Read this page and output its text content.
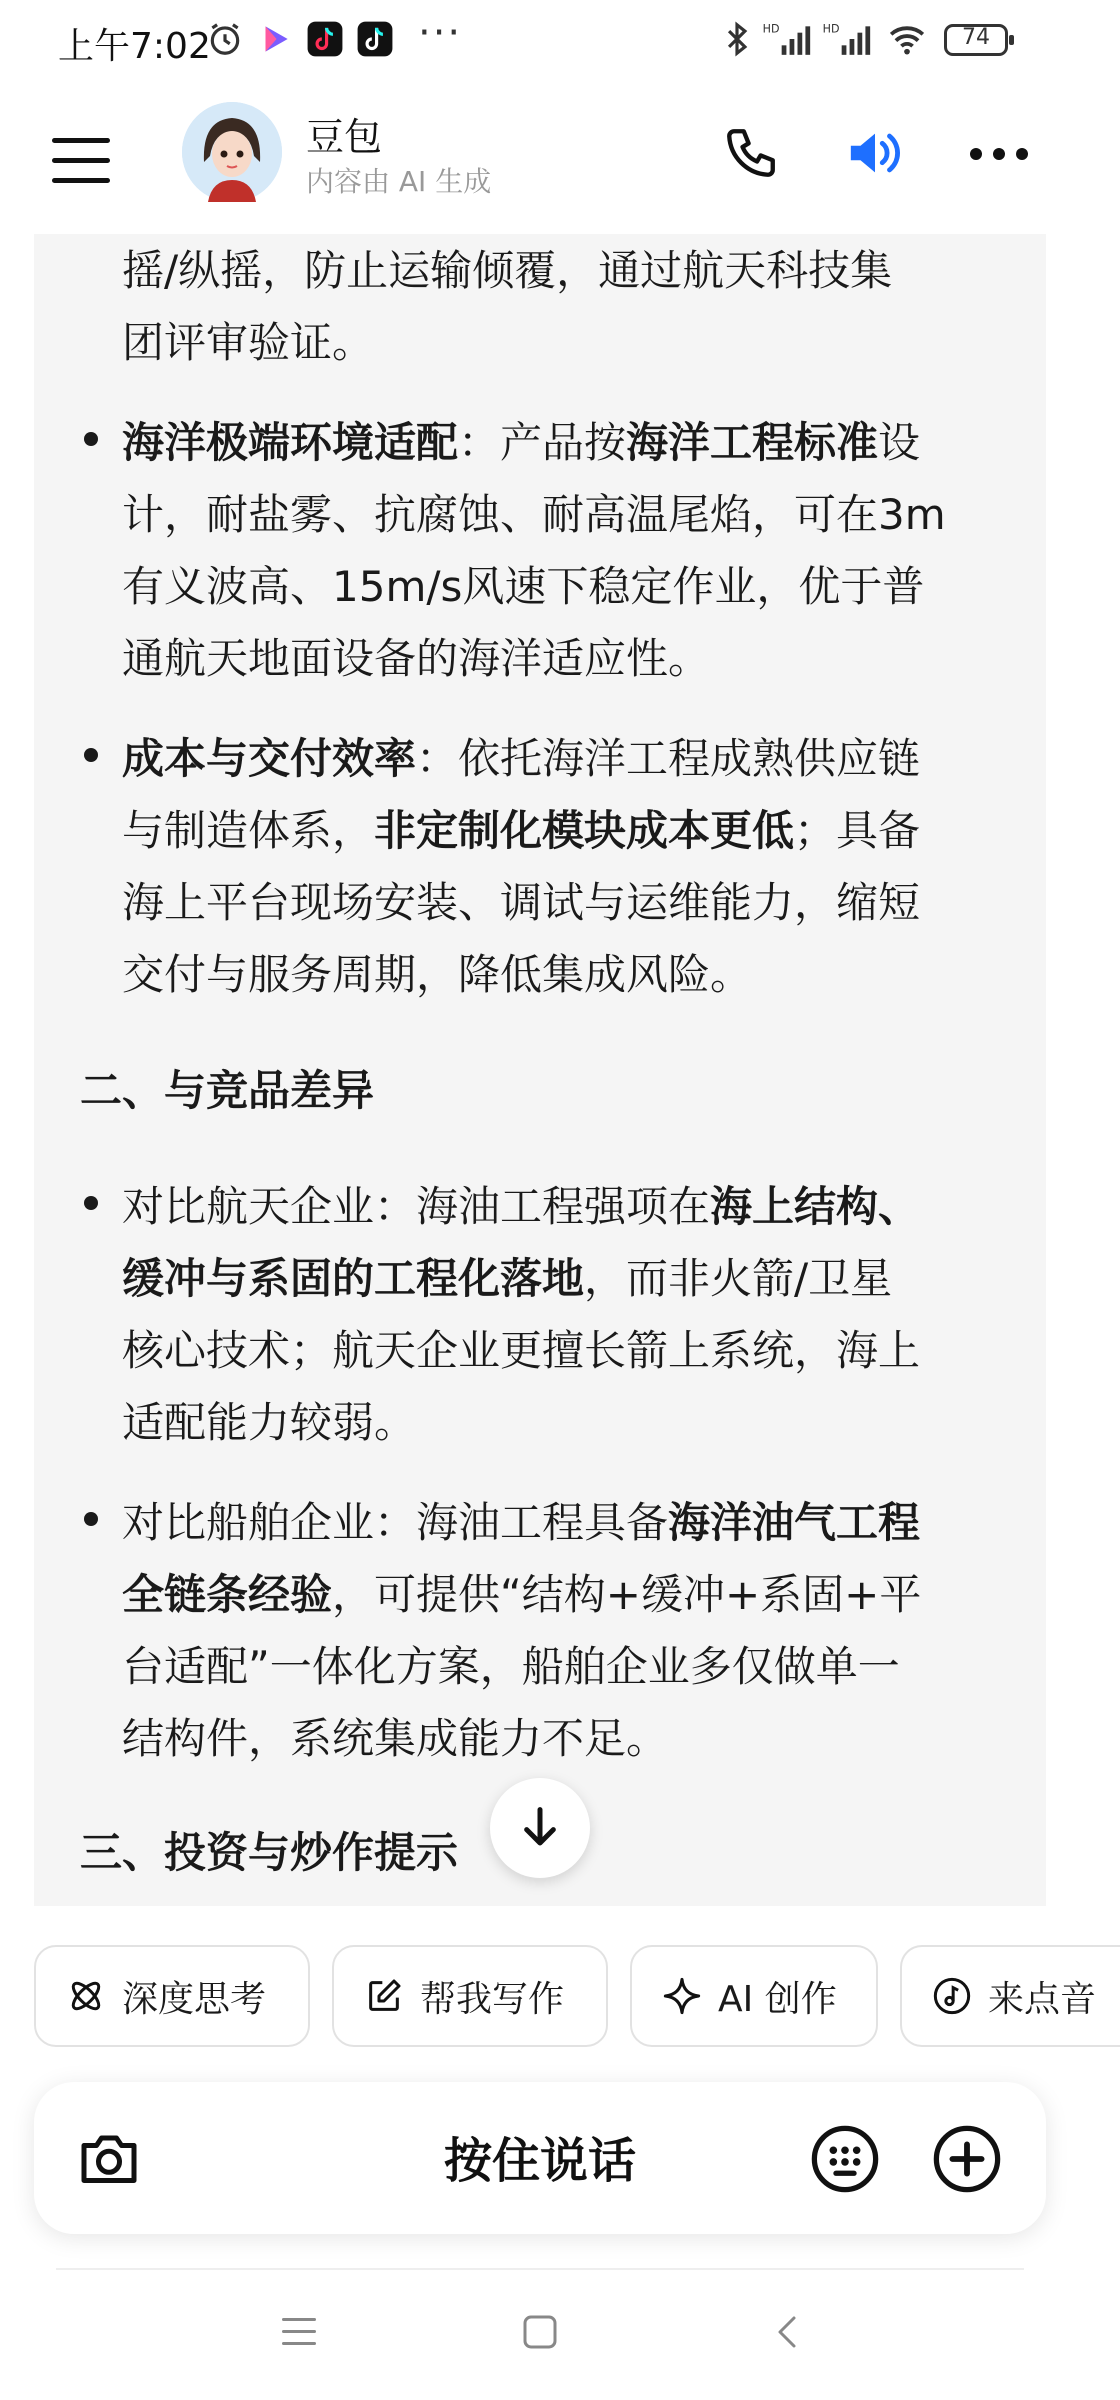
上午7:02	···	HD	HD	74
豆包
内容由 AI 生成
摇/纵摇，防止运输倾覆，通过航天科技集
团评审验证。
海洋极端环境适配：产品按海洋工程标准设
计，耐盐雾、抗腐蚀、耐高温尾焰，可在3m
有义波高、15m/s风速下稳定作业，优于普
通航天地面设备的海洋适应性。
成本与交付效率：依托海洋工程成熟供应链
与制造体系，非定制化模块成本更低；具备
海上平台现场安装、调试与运维能力，缩短
交付与服务周期，降低集成风险。
二、与竞品差异
对比航天企业：海油工程强项在海上结构、
缓冲与系固的工程化落地，而非火箭/卫星
核心技术；航天企业更擅长箭上系统，海上
适配能力较弱。
对比船舶企业：海油工程具备海洋油气工程
全链条经验，可提供“结构+缓冲+系固+平
台适配”一体化方案，船舶企业多仅做单一
结构件，系统集成能力不足。
三、投资与炒作提示
深度思考	帮我写作	AI 创作	来点音
按住说话
